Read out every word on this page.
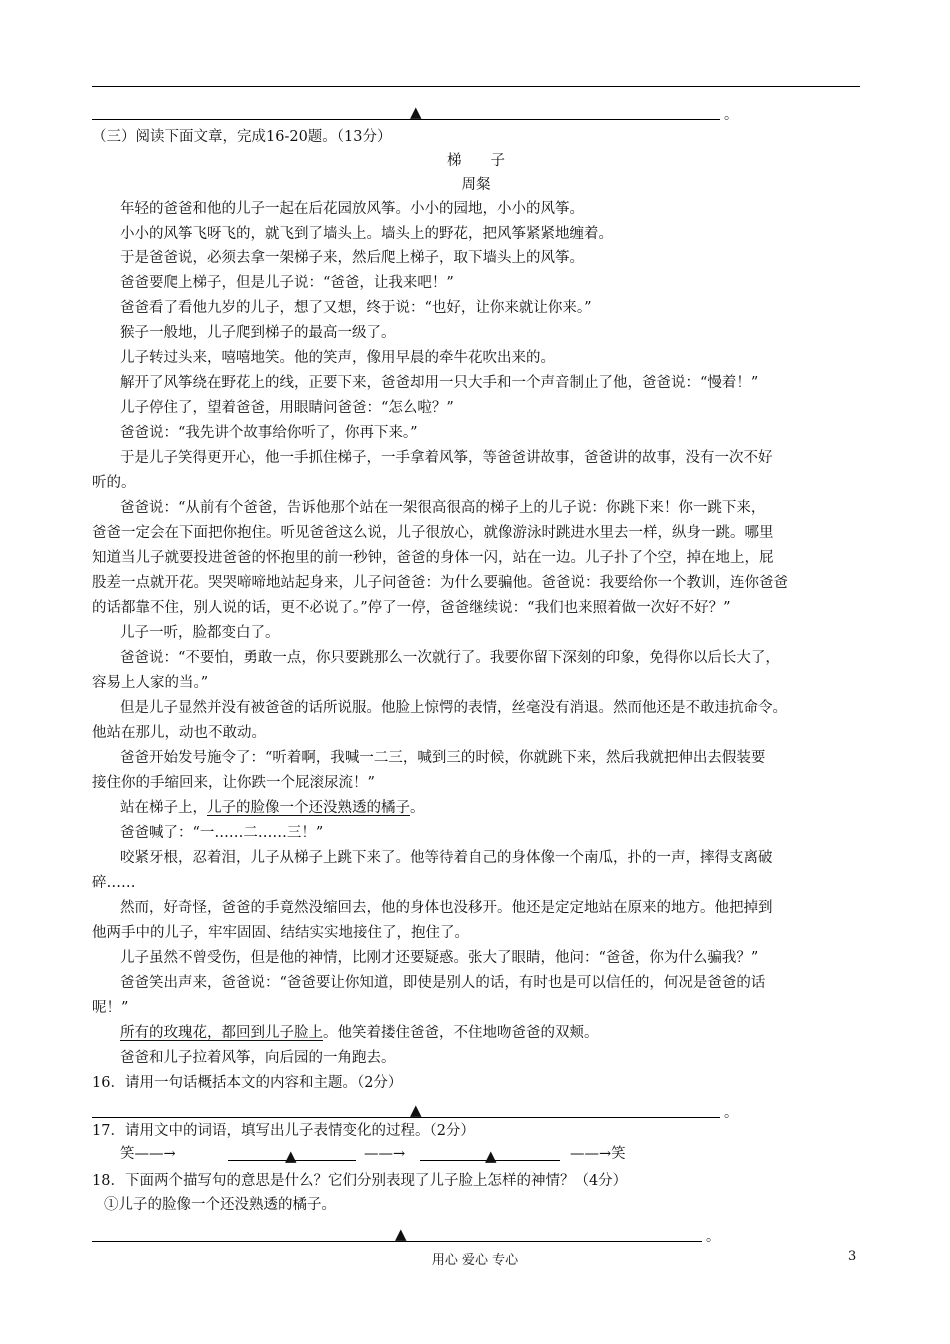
▲	。
（三）阅读下面文章，完成16-20题。（13分）
梯　　子
周粲
年轻的爸爸和他的儿子一起在后花园放风筝。小小的园地，小小的风筝。
小小的风筝飞呀飞的，就飞到了墙头上。墙头上的野花，把风筝紧紧地缠着。
于是爸爸说，必须去拿一架梯子来，然后爬上梯子，取下墙头上的风筝。
爸爸要爬上梯子，但是儿子说：“爸爸，让我来吧！”
爸爸看了看他九岁的儿子，想了又想，终于说：“也好，让你来就让你来。”
猴子一般地，儿子爬到梯子的最高一级了。
儿子转过头来，嘻嘻地笑。他的笑声，像用早晨的牵牛花吹出来的。
解开了风筝绕在野花上的线，正要下来，爸爸却用一只大手和一个声音制止了他，爸爸说：“慢着！”
儿子停住了，望着爸爸，用眼睛问爸爸：“怎么啦？”
爸爸说：“我先讲个故事给你听了，你再下来。”
于是儿子笑得更开心，他一手抓住梯子，一手拿着风筝，等爸爸讲故事，爸爸讲的故事，没有一次不好
听的。
爸爸说：“从前有个爸爸，告诉他那个站在一架很高很高的梯子上的儿子说：你跳下来！你一跳下来，
爸爸一定会在下面把你抱住。听见爸爸这么说，儿子很放心，就像游泳时跳进水里去一样，纵身一跳。哪里
知道当儿子就要投进爸爸的怀抱里的前一秒钟，爸爸的身体一闪，站在一边。儿子扑了个空，掉在地上，屁
股差一点就开花。哭哭啼啼地站起身来，儿子问爸爸：为什么要骗他。爸爸说：我要给你一个教训，连你爸爸
的话都靠不住，别人说的话，更不必说了。”停了一停，爸爸继续说：“我们也来照着做一次好不好？”
儿子一听，脸都变白了。
爸爸说：“不要怕，勇敢一点，你只要跳那么一次就行了。我要你留下深刻的印象，免得你以后长大了，
容易上人家的当。”
但是儿子显然并没有被爸爸的话所说服。他脸上惊愕的表情，丝毫没有消退。然而他还是不敢违抗命令。
他站在那儿，动也不敢动。
爸爸开始发号施令了：“听着啊，我喊一二三，喊到三的时候，你就跳下来，然后我就把伸出去假装要
接住你的手缩回来，让你跌一个屁滚尿流！”
站在梯子上，儿子的脸像一个还没熟透的橘子。
爸爸喊了：“一……二……三！”
咬紧牙根，忍着泪，儿子从梯子上跳下来了。他等待着自己的身体像一个南瓜，扑的一声，摔得支离破
碎……
然而，好奇怪，爸爸的手竟然没缩回去，他的身体也没移开。他还是定定地站在原来的地方。他把掉到
他两手中的儿子，牢牢固固、结结实实地接住了，抱住了。
儿子虽然不曾受伤，但是他的神情，比刚才还要疑惑。张大了眼睛，他问：“爸爸，你为什么骗我？”
爸爸笑出声来，爸爸说：“爸爸要让你知道，即使是别人的话，有时也是可以信任的，何况是爸爸的话
呢！”
所有的玫瑰花，都回到儿子脸上。他笑着搂住爸爸，不住地吻爸爸的双颊。
爸爸和儿子拉着风筝，向后园的一角跑去。
16．请用一句话概括本文的内容和主题。（2分）
▲	。
17．请用文中的词语，填写出儿子表情变化的过程。（2分）
笑——→	▲	——→	▲	——→笑
18．下面两个描写句的意思是什么？它们分别表现了儿子脸上怎样的神情？（4分）
①儿子的脸像一个还没熟透的橘子。
▲	。
用心 爱心 专心	3
